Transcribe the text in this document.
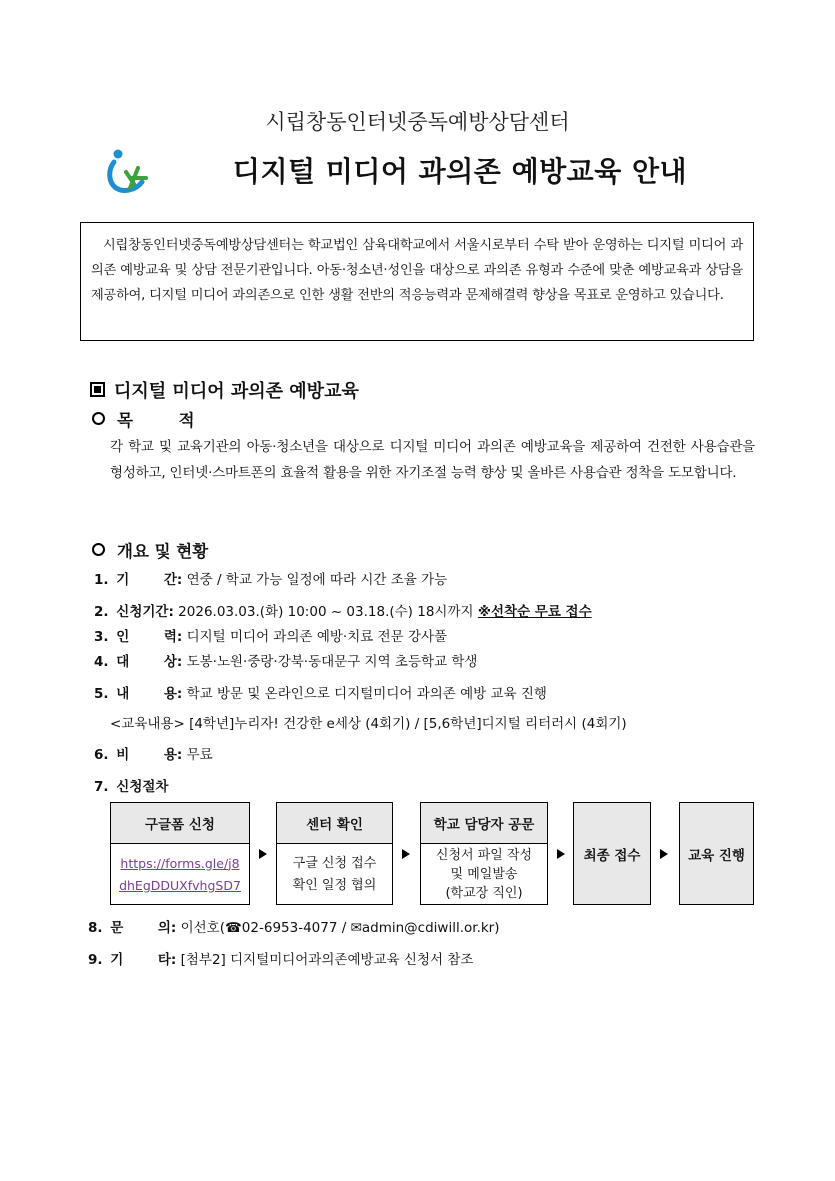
시립창동인터넷중독예방상담센터
디지털 미디어 과의존 예방교육 안내
시립창동인터넷중독예방상담센터는 학교법인 삼육대학교에서 서울시로부터 수탁 받아 운영하는 디지털 미디어 과의존 예방교육 및 상담 전문기관입니다. 아동·청소년·성인을 대상으로 과의존 유형과 수준에 맞춘 예방교육과 상담을 제공하여, 디지털 미디어 과의존으로 인한 생활 전반의 적응능력과 문제해결력 향상을 목표로 운영하고 있습니다.
디지털 미디어 과의존 예방교육
목 적
각 학교 및 교육기관의 아동·청소년을 대상으로 디지털 미디어 과의존 예방교육을 제공하여 건전한 사용습관을 형성하고, 인터넷·스마트폰의 효율적 활용을 위한 자기조절 능력 향상 및 올바른 사용습관 정착을 도모합니다.
개요 및 현황
1. 기 간: 연중 / 학교 가능 일정에 따라 시간 조율 가능
2. 신청기간: 2026.03.03.(화) 10:00 ~ 03.18.(수) 18시까지 ※선착순 무료 접수
3. 인 력: 디지털 미디어 과의존 예방·치료 전문 강사풀
4. 대 상: 도봉·노원·중랑·강북·동대문구 지역 초등학교 학생
5. 내 용: 학교 방문 및 온라인으로 디지털미디어 과의존 예방 교육 진행
<교육내용> [4학년]누리자! 건강한 e세상 (4회기) / [5,6학년]디지털 리터러시 (4회기)
6. 비 용: 무료
7. 신청절차
구글폼 신청
https://forms.gle/j8
dhEgDDUXfvhgSD7
센터 확인
구글 신청 접수
확인 일정 협의
학교 담당자 공문
신청서 파일 작성
및 메일발송
(학교장 직인)
최종 접수	교육 진행
8. 문 의: 이선호(☎02-6953-4077 / ✉admin@cdiwill.or.kr)
9. 기 타: [첨부2] 디지털미디어과의존예방교육 신청서 참조
